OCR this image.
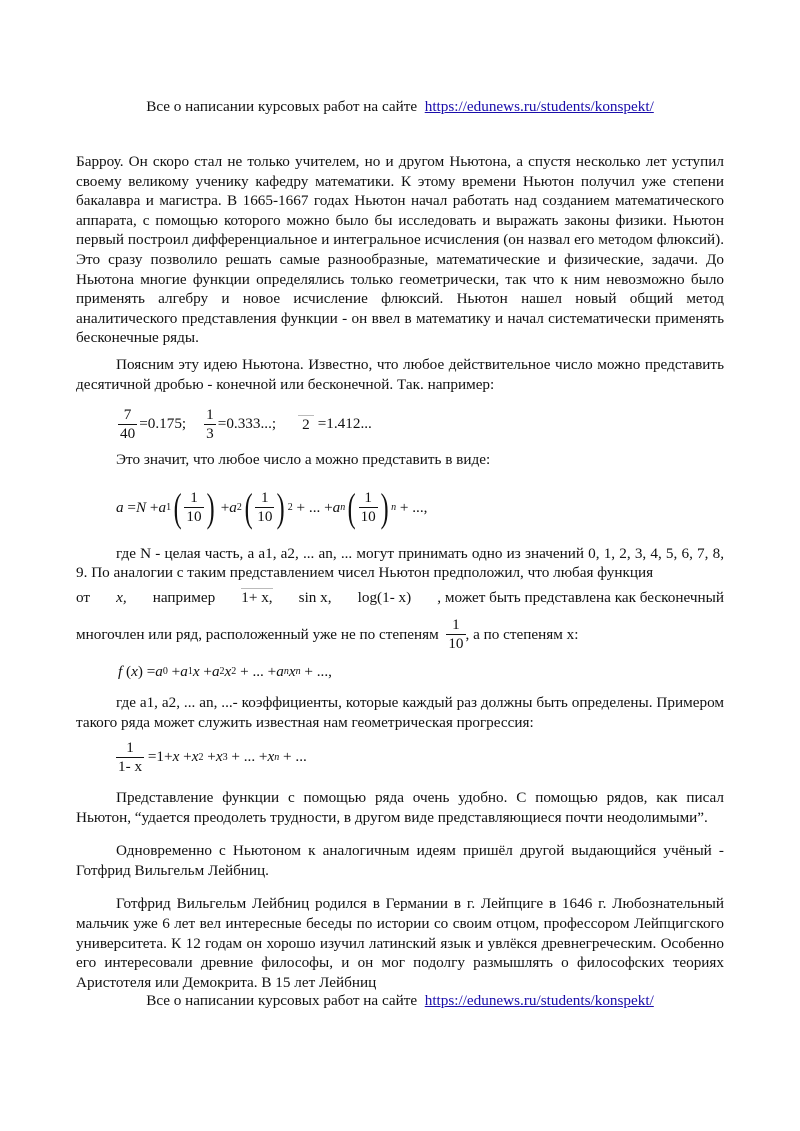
Все о написании курсовых работ на сайте https://edunews.ru/students/konspekt/

Барроу. Он скоро стал не только учителем, но и другом Ньютона, а спустя несколько лет уступил своему великому ученику кафедру математики. К этому времени Ньютон получил уже степени бакалавра и магистра. В 1665-1667 годах Ньютон начал работать над созданием математического аппарата, с помощью которого можно было бы исследовать и выражать законы физики. Ньютон первый построил дифференциальное и интегральное исчисления (он назвал его методом флюксий). Это сразу позволило решать самые разнообразные, математические и физические, задачи. До Ньютона многие функции определялись только геометрически, так что к ним невозможно было применять алгебру и новое исчисление флюксий. Ньютон нашел новый общий метод аналитического представления функции - он ввел в математику и начал систематически применять бесконечные ряды.

Поясним эту идею Ньютона. Известно, что любое действительное число можно представить десятичной дробью - конечной или бесконечной. Так. например:

$\frac{7}{40} =0.175$; $\frac{1}{3} =0.333$...; 2 =1.412...

Это значит, что любое число а можно представить в виде:

a = N + a 1 ( $\frac{1}{10}$ ) + a 2 ( $\frac{1}{10}$ ) 2 + ... + a n ( $\frac{1}{10}$ ) n + ...,

где N - целая часть, а a1, a2, ... an, ... могут принимать одно из значений 0, 1, 2, 3, 4, 5, 6, 7, 8, 9. По аналогии с таким представлением чисел Ньютон предположил, что любая функция

от x, например 1+ x, sin x, log(1- x) , может быть представлена как бесконечный
многочлен или ряд, расположенный уже не по степеням
$\frac{1}{10}$ , а по степеням х:
f ( x ) = a 0 + a 1 x + a 2 x 2 + ... + a n x n + ...,

где а1, а2, ... аn, ...- коэффициенты, которые каждый раз должны быть определены. Примером такого ряда может служить известная нам геометрическая прогрессия:

$\frac{1}{1- x} =1+ x + x$ 2 + x 3 + ... + x n + ...

Представление функции с помощью ряда очень удобно. С помощью рядов, как писал Ньютон, “удается преодолеть трудности, в другом виде представляющиеся почти неодолимыми”.

Одновременно с Ньютоном к аналогичным идеям пришёл другой выдающийся учёный - Готфрид Вильгельм Лейбниц.

Готфрид Вильгельм Лейбниц родился в Германии в г. Лейпциге в 1646 г. Любознательный мальчик уже 6 лет вел интересные беседы по истории со своим отцом, профессором Лейпцигского университета. К 12 годам он хорошо изучил латинский язык и увлёкся древнегреческим. Особенно его интересовали древние философы, и он мог подолгу размышлять о философских теориях Аристотеля или Демокрита. В 15 лет Лейбниц

Все о написании курсовых работ на сайте https://edunews.ru/students/konspekt/
